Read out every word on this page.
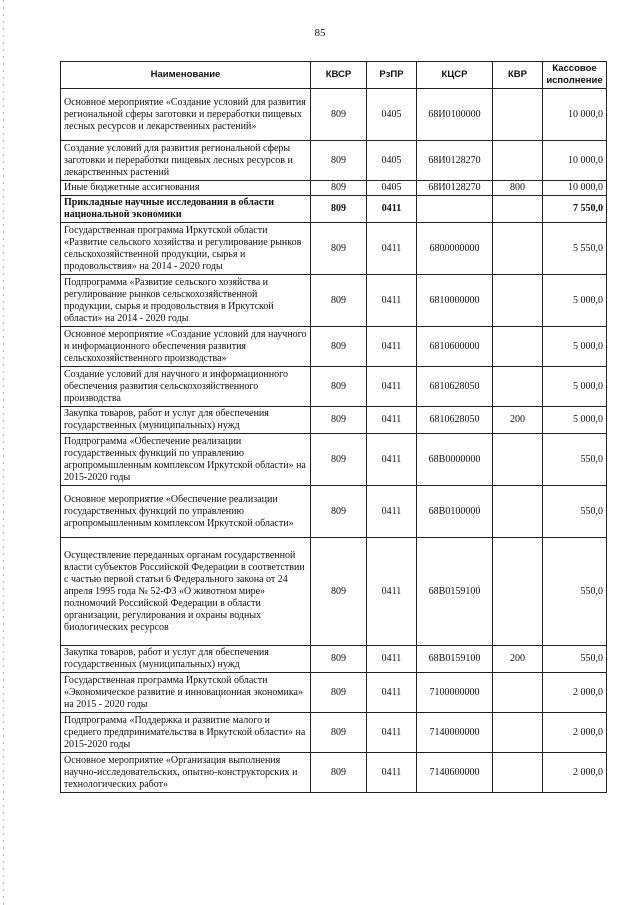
85
Наименование	КВСР	РзПР	КЦСР	КВР	Кассовое исполнение
Основное мероприятие «Создание условий для развития региональной сферы заготовки и переработки пищевых лесных ресурсов и лекарственных растений»	809	0405	68И0100000		10 000,0
Создание условий для развития региональной сферы заготовки и переработки пищевых лесных ресурсов и лекарственных растений	809	0405	68И0128270		10 000,0
Иные бюджетные ассигнования	809	0405	68И0128270	800	10 000,0
Прикладные научные исследования в области национальной экономики	809	0411			7 550,0
Государственная программа Иркутской области «Развитие сельского хозяйства и регулирование рынков сельскохозяйственной продукции, сырья и продовольствия» на 2014 - 2020 годы	809	0411	6800000000		5 550,0
Подпрограмма «Развитие сельского хозяйства и регулирование рынков сельскохозяйственной продукции, сырья и продовольствия в Иркутской области» на 2014 - 2020 годы	809	0411	6810000000		5 000,0
Основное мероприятие «Создание условий для научного и информационного обеспечения развития сельскохозяйственного производства»	809	0411	6810600000		5 000,0
Создание условий для научного и информационного обеспечения развития сельскохозяйственного производства	809	0411	6810628050		5 000,0
Закупка товаров, работ и услуг для обеспечения государственных (муниципальных) нужд	809	0411	6810628050	200	5 000,0
Подпрограмма «Обеспечение реализации государственных функций по управлению агропромышленным комплексом Иркутской области» на 2015-2020 годы	809	0411	68В0000000		550,0
Основное мероприятие «Обеспечение реализации государственных функций по управлению агропромышленным комплексом Иркутской области»	809	0411	68В0100000		550,0
Осуществление переданных органам государственной власти субъектов Российской Федерации в соответствии с частью первой статьи 6 Федерального закона от 24 апреля 1995 года № 52-ФЗ «О животном мире» полномочий Российской Федерации в области организации, регулирования и охраны водных биологических ресурсов	809	0411	68В0159100		550,0
Закупка товаров, работ и услуг для обеспечения государственных (муниципальных) нужд	809	0411	68В0159100	200	550,0
Государственная программа Иркутской области «Экономическое развитие и инновационная экономика» на 2015 - 2020 годы	809	0411	7100000000		2 000,0
Подпрограмма «Поддержка и развитие малого и среднего предпринимательства в Иркутской области» на 2015-2020 годы	809	0411	7140000000		2 000,0
Основное мероприятие «Организация выполнения научно-исследовательских, опытно-конструкторских и технологических работ»	809	0411	7140600000		2 000,0
